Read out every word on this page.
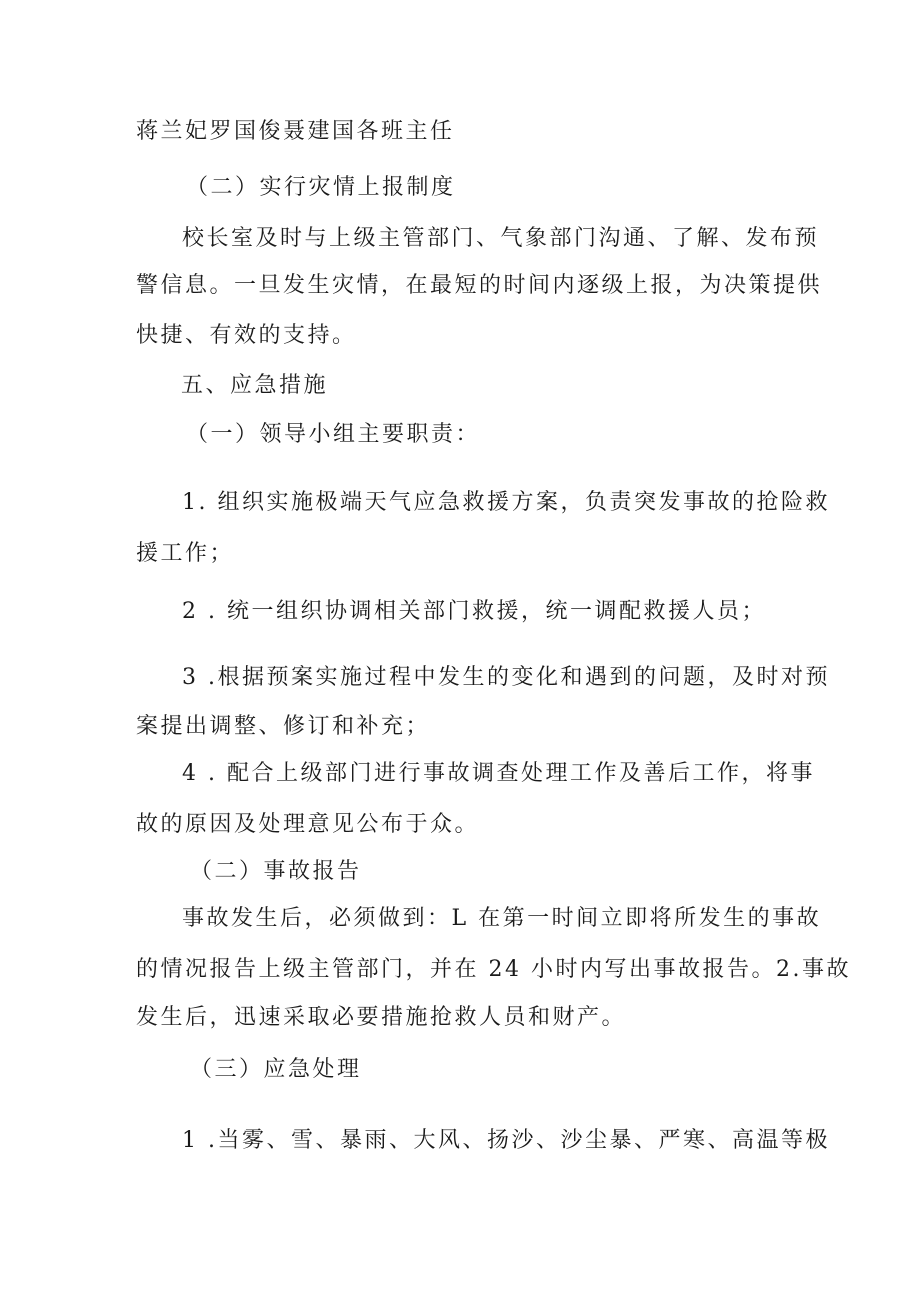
蒋兰妃罗国俊聂建国各班主任

（二）实行灾情上报制度

校长室及时与上级主管部门、气象部门沟通、了解、发布预

警信息。一旦发生灾情，在最短的时间内逐级上报，为决策提供

快捷、有效的支持。

五、应急措施

（一）领导小组主要职责：

1. 组织实施极端天气应急救援方案，负责突发事故的抢险救

援工作；

2 . 统一组织协调相关部门救援，统一调配救援人员；

3 .根据预案实施过程中发生的变化和遇到的问题，及时对预

案提出调整、修订和补充；

4 . 配合上级部门进行事故调查处理工作及善后工作，将事

故的原因及处理意见公布于众。

（二）事故报告

事故发生后，必须做到：L 在第一时间立即将所发生的事故

的情况报告上级主管部门，并在 24 小时内写出事故报告。2.事故

发生后，迅速采取必要措施抢救人员和财产。

（三）应急处理

1 .当雾、雪、暴雨、大风、扬沙、沙尘暴、严寒、高温等极
